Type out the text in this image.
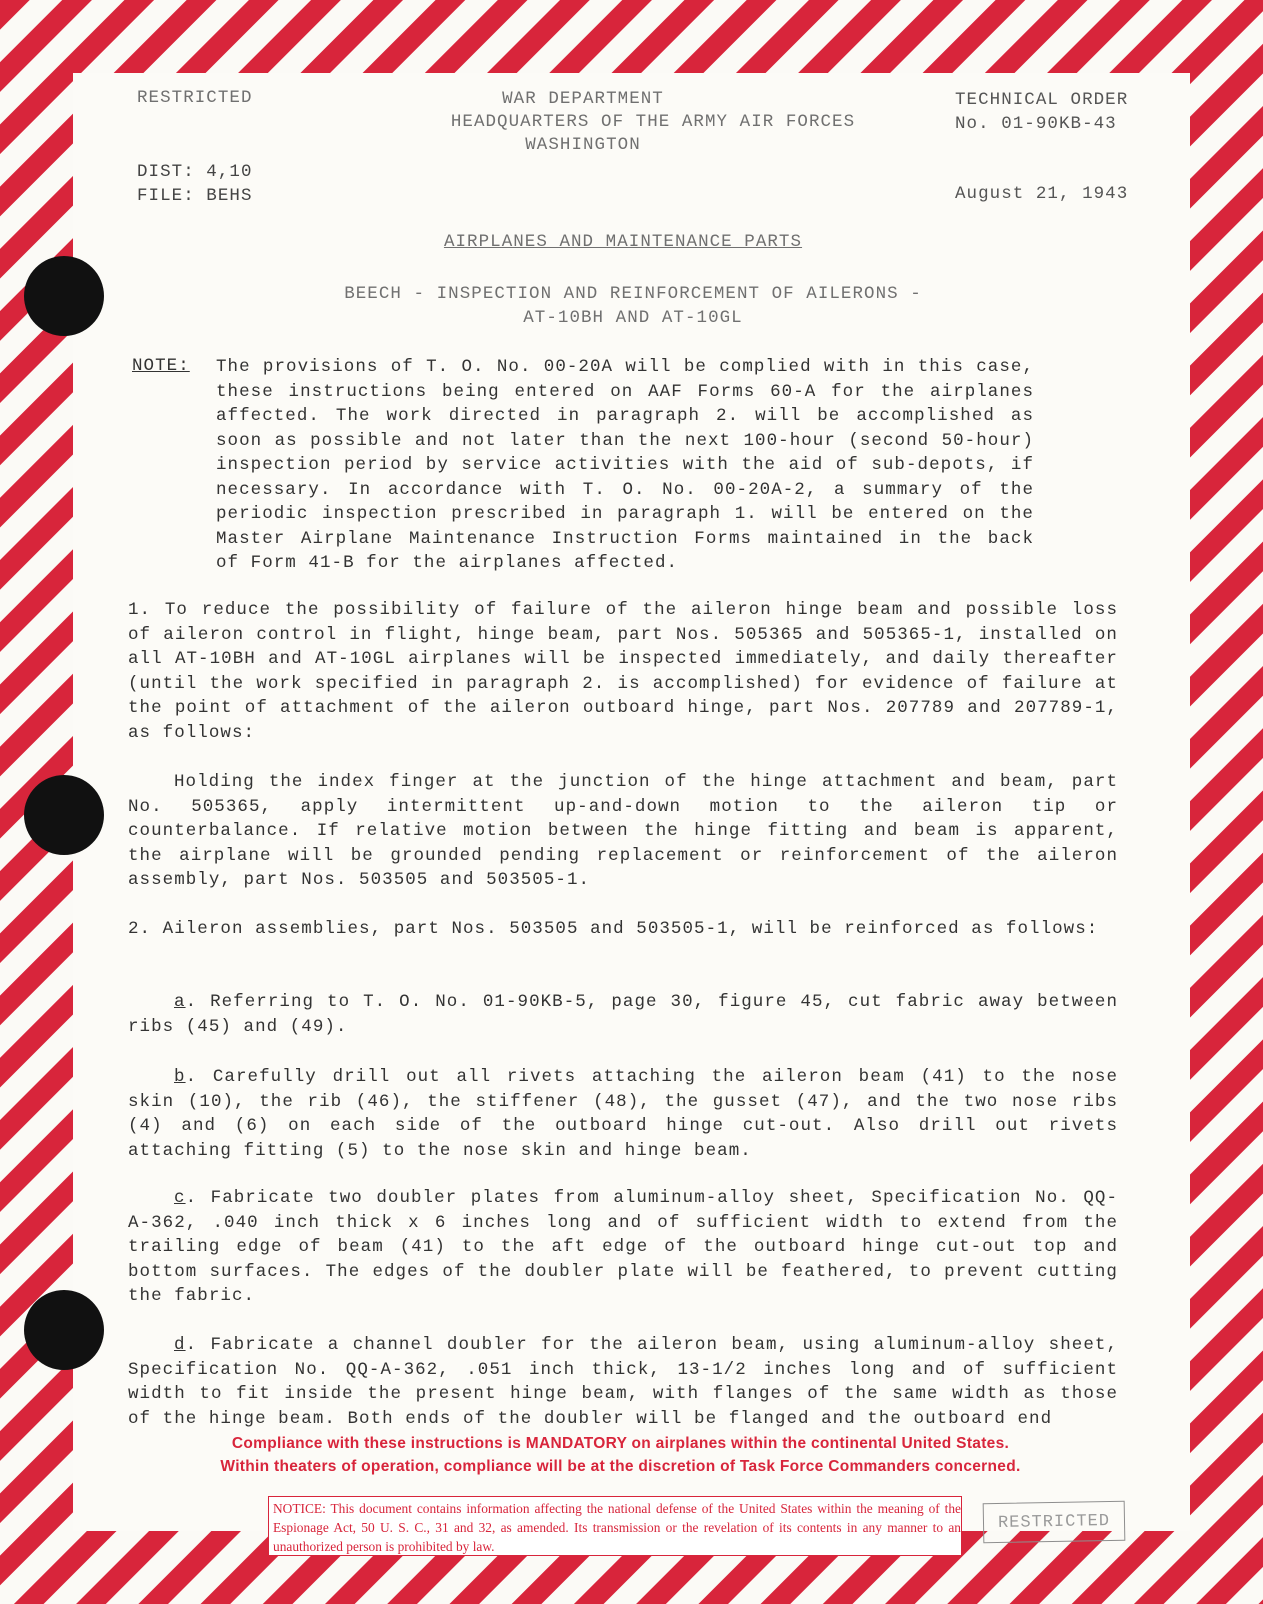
RESTRICTED	WAR DEPARTMENT
HEADQUARTERS OF THE ARMY AIR FORCES
WASHINGTON
TECHNICAL ORDER
No. 01-90KB-43
DIST: 4,10
FILE: BEHS	August 21, 1943
AIRPLANES AND MAINTENANCE PARTS
BEECH - INSPECTION AND REINFORCEMENT OF AILERONS -
AT-10BH AND AT-10GL
NOTE: The provisions of T. O. No. 00-20A will be complied with in this case, these instructions being entered on AAF Forms 60-A for the airplanes affected. The work directed in paragraph 2. will be accomplished as soon as possible and not later than the next 100-hour (second 50-hour) inspection period by service activities with the aid of sub-depots, if necessary. In accordance with T. O. No. 00-20A-2, a summary of the periodic inspection prescribed in paragraph 1. will be entered on the Master Airplane Maintenance Instruction Forms maintained in the back of Form 41-B for the airplanes affected.
1. To reduce the possibility of failure of the aileron hinge beam and possible loss of aileron control in flight, hinge beam, part Nos. 505365 and 505365-1, installed on all AT-10BH and AT-10GL airplanes will be inspected immediately, and daily thereafter (until the work specified in paragraph 2. is accomplished) for evidence of failure at the point of attachment of the aileron outboard hinge, part Nos. 207789 and 207789-1, as follows:
Holding the index finger at the junction of the hinge attachment and beam, part No. 505365, apply intermittent up-and-down motion to the aileron tip or counterbalance. If relative motion between the hinge fitting and beam is apparent, the airplane will be grounded pending replacement or reinforcement of the aileron assembly, part Nos. 503505 and 503505-1.
2. Aileron assemblies, part Nos. 503505 and 503505-1, will be reinforced as follows:
a. Referring to T. O. No. 01-90KB-5, page 30, figure 45, cut fabric away between ribs (45) and (49).
b. Carefully drill out all rivets attaching the aileron beam (41) to the nose skin (10), the rib (46), the stiffener (48), the gusset (47), and the two nose ribs (4) and (6) on each side of the outboard hinge cut-out. Also drill out rivets attaching fitting (5) to the nose skin and hinge beam.
c. Fabricate two doubler plates from aluminum-alloy sheet, Specification No. QQ-A-362, .040 inch thick x 6 inches long and of sufficient width to extend from the trailing edge of beam (41) to the aft edge of the outboard hinge cut-out top and bottom surfaces. The edges of the doubler plate will be feathered, to prevent cutting the fabric.
d. Fabricate a channel doubler for the aileron beam, using aluminum-alloy sheet, Specification No. QQ-A-362, .051 inch thick, 13-1/2 inches long and of sufficient width to fit inside the present hinge beam, with flanges of the same width as those of the hinge beam. Both ends of the doubler will be flanged and the outboard end
Compliance with these instructions is MANDATORY on airplanes within the continental United States.
Within theaters of operation, compliance will be at the discretion of Task Force Commanders concerned.
NOTICE: This document contains information affecting the national defense of the United States within the meaning of the Espionage Act, 50 U. S. C., 31 and 32, as amended. Its transmission or the revelation of its contents in any manner to an unauthorized person is prohibited by law.
RESTRICTED
